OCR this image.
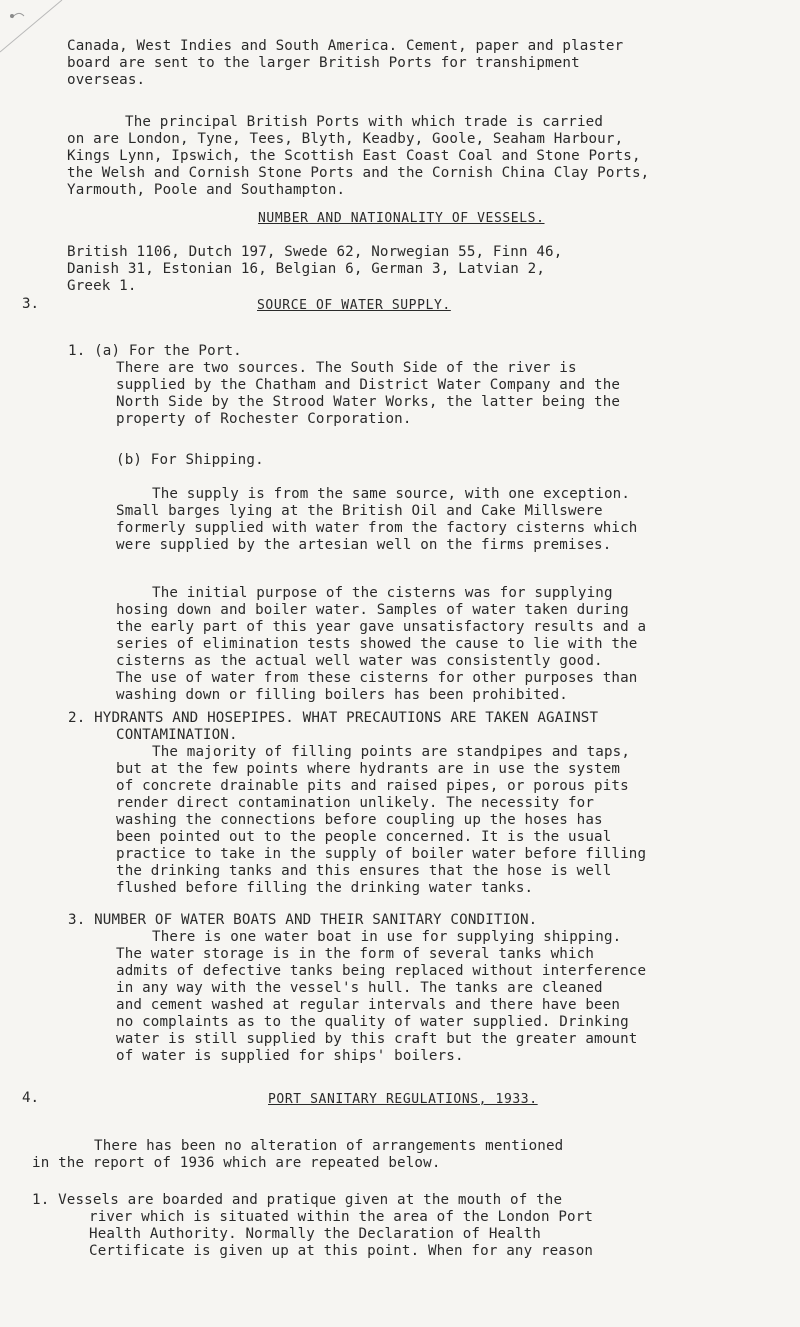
Canada, West Indies and South America. Cement, paper and plaster
board are sent to the larger British Ports for transhipment
overseas.
The principal British Ports with which trade is carried
on are London, Tyne, Tees, Blyth, Keadby, Goole, Seaham Harbour,
Kings Lynn, Ipswich, the Scottish East Coast Coal and Stone Ports,
the Welsh and Cornish Stone Ports and the Cornish China Clay Ports,
Yarmouth, Poole and Southampton.
NUMBER AND NATIONALITY OF VESSELS.
British 1106, Dutch 197, Swede 62, Norwegian 55, Finn 46,
Danish 31, Estonian 16, Belgian 6, German 3, Latvian 2,
Greek 1.
3.	SOURCE OF WATER SUPPLY.
1. (a) For the Port.
There are two sources. The South Side of the river is
supplied by the Chatham and District Water Company and the
North Side by the Strood Water Works, the latter being the
property of Rochester Corporation.
(b) For Shipping.
The supply is from the same source, with one exception.
Small barges lying at the British Oil and Cake Millswere
formerly supplied with water from the factory cisterns which
were supplied by the artesian well on the firms premises.
The initial purpose of the cisterns was for supplying
hosing down and boiler water. Samples of water taken during
the early part of this year gave unsatisfactory results and a
series of elimination tests showed the cause to lie with the
cisterns as the actual well water was consistently good.
The use of water from these cisterns for other purposes than
washing down or filling boilers has been prohibited.
2. HYDRANTS AND HOSEPIPES. WHAT PRECAUTIONS ARE TAKEN AGAINST
CONTAMINATION.
The majority of filling points are standpipes and taps,
but at the few points where hydrants are in use the system
of concrete drainable pits and raised pipes, or porous pits
render direct contamination unlikely. The necessity for
washing the connections before coupling up the hoses has
been pointed out to the people concerned. It is the usual
practice to take in the supply of boiler water before filling
the drinking tanks and this ensures that the hose is well
flushed before filling the drinking water tanks.
3. NUMBER OF WATER BOATS AND THEIR SANITARY CONDITION.
There is one water boat in use for supplying shipping.
The water storage is in the form of several tanks which
admits of defective tanks being replaced without interference
in any way with the vessel's hull. The tanks are cleaned
and cement washed at regular intervals and there have been
no complaints as to the quality of water supplied. Drinking
water is still supplied by this craft but the greater amount
of water is supplied for ships' boilers.
4.	PORT SANITARY REGULATIONS, 1933.
There has been no alteration of arrangements mentioned
in the report of 1936 which are repeated below.
1. Vessels are boarded and pratique given at the mouth of the
river which is situated within the area of the London Port
Health Authority. Normally the Declaration of Health
Certificate is given up at this point. When for any reason
